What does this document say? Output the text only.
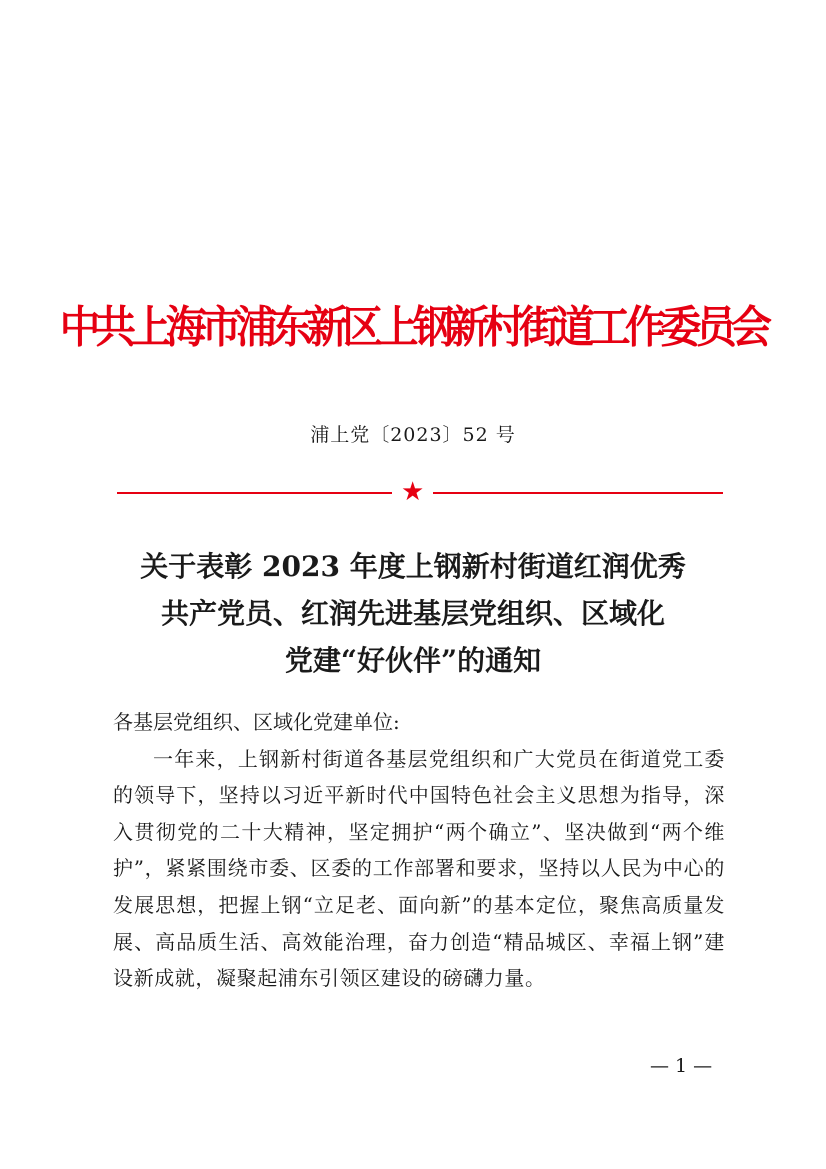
中共上海市浦东新区上钢新村街道工作委员会
浦上党〔2023〕52 号
★
关于表彰 2023 年度上钢新村街道红润优秀
共产党员、红润先进基层党组织、区域化
党建“好伙伴”的通知

各基层党组织、区域化党建单位:

一年来，上钢新村街道各基层党组织和广大党员在街道党工委的领导下，坚持以习近平新时代中国特色社会主义思想为指导，深入贯彻党的二十大精神，坚定拥护“两个确立”、坚决做到“两个维护”，紧紧围绕市委、区委的工作部署和要求，坚持以人民为中心的发展思想，把握上钢“立足老、面向新”的基本定位，聚焦高质量发展、高品质生活、高效能治理，奋力创造“精品城区、幸福上钢”建设新成就，凝聚起浦东引领区建设的磅礴力量。

— 1 —
